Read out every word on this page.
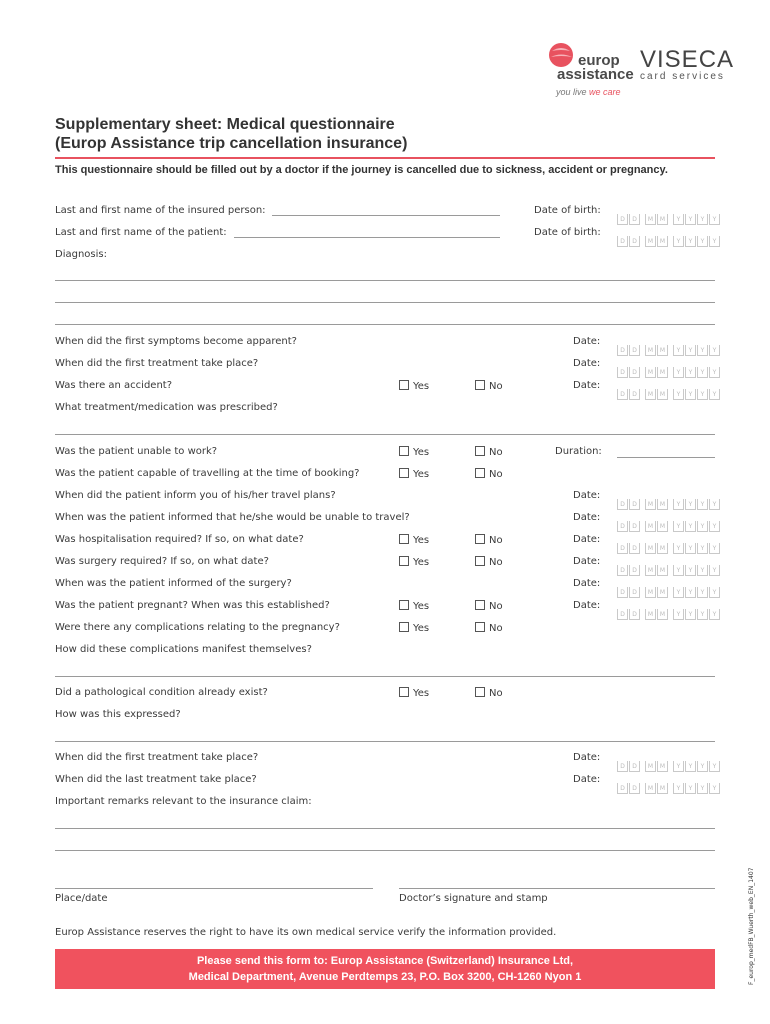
europ
assistance
you live we care
VISECA
card services
Supplementary sheet: Medical questionnaire
(Europ Assistance trip cancellation insurance)
This questionnaire should be filled out by a doctor if the journey is cancelled due to sickness, accident or pregnancy.
Last and first name of the insured person:	Date of birth:
D D M M Y Y Y Y
Last and first name of the patient:	Date of birth:
D D M M Y Y Y Y
Diagnosis:
When did the first symptoms become apparent?	Date:
D D M M Y Y Y Y
When did the first treatment take place?	Date:
D D M M Y Y Y Y
Was there an accident?	Yes	No	Date:
D D M M Y Y Y Y
What treatment/medication was prescribed?
Was the patient unable to work?	Yes	No	Duration:
Was the patient capable of travelling at the time of booking?	Yes	No
When did the patient inform you of his/her travel plans?	Date:
D D M M Y Y Y Y
When was the patient informed that he/she would be unable to travel?	Date:
D D M M Y Y Y Y
Was hospitalisation required? If so, on what date?	Yes	No	Date:
D D M M Y Y Y Y
Was surgery required? If so, on what date?	Yes	No	Date:
D D M M Y Y Y Y
When was the patient informed of the surgery?	Date:
D D M M Y Y Y Y
Was the patient pregnant? When was this established?	Yes	No	Date:
D D M M Y Y Y Y
Were there any complications relating to the pregnancy?	Yes	No
How did these complications manifest themselves?
Did a pathological condition already exist?	Yes	No
How was this expressed?
When did the first treatment take place?	Date:
D D M M Y Y Y Y
When did the last treatment take place?	Date:
D D M M Y Y Y Y
Important remarks relevant to the insurance claim:
Place/date	Doctor’s signature and stamp
Europ Assistance reserves the right to have its own medical service verify the information provided.
Please send this form to: Europ Assistance (Switzerland) Insurance Ltd,
Medical Department, Avenue Perdtemps 23, P.O. Box 3200, CH-1260 Nyon 1	F_europ_medFB_Wuerth_web_EN_1407
